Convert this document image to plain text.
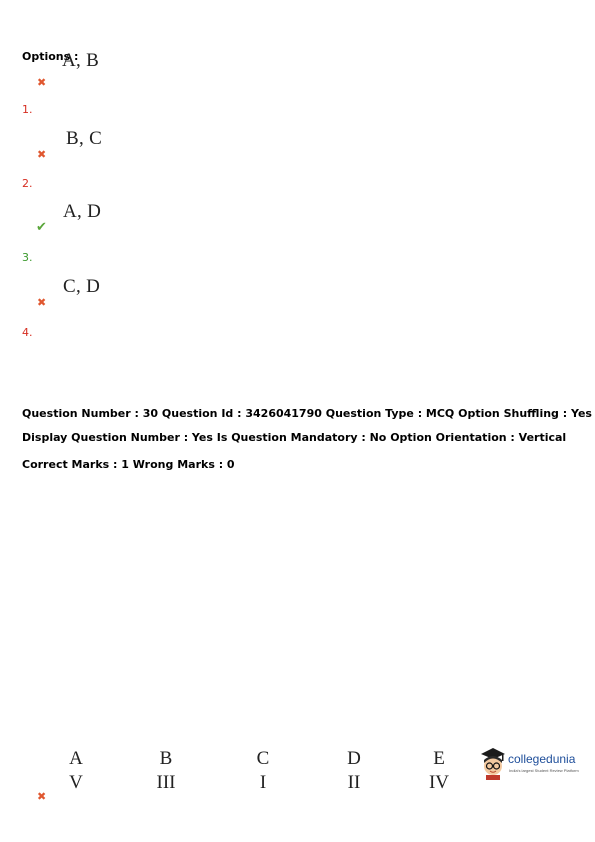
Options :
A, B
✖
1.
B, C
✖
2.
A, D
✔
3.
C, D
✖
4.
Question Number : 30 Question Id : 3426041790 Question Type : MCQ Option Shuffling : Yes
Display Question Number : Yes Is Question Mandatory : No Option Orientation : Vertical
Correct Marks : 1 Wrong Marks : 0
A	B	C	D	E
V	III	I	II	IV
✖
collegedunia
India's largest Student Review Platform
